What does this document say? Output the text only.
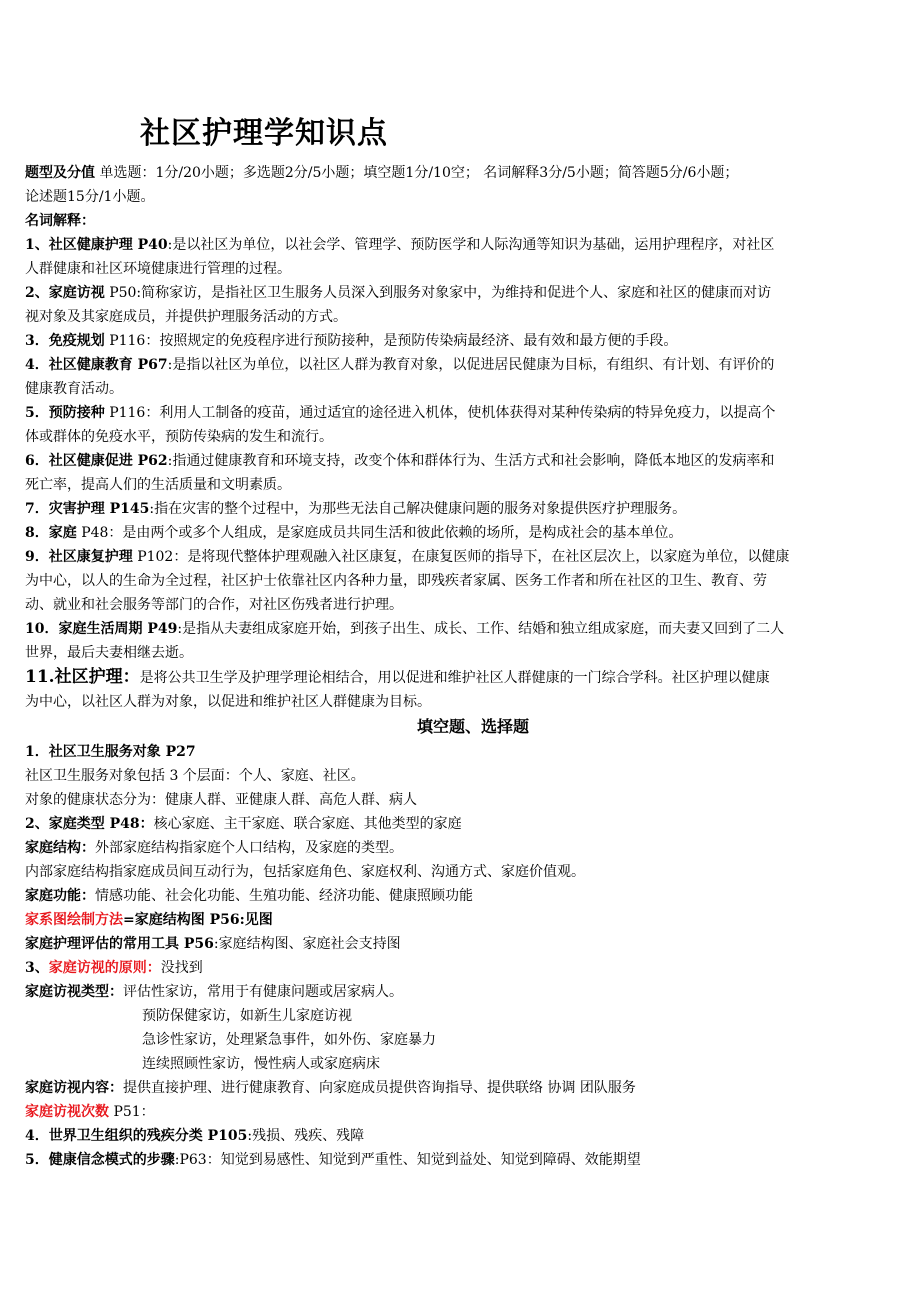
社区护理学知识点
题型及分值 单选题：1分/20小题；多选题2分/5小题；填空题1分/10空； 名词解释3分/5小题；简答题5分/6小题；
论述题15分/1小题。
名词解释：
1、社区健康护理 P40:是以社区为单位，以社会学、管理学、预防医学和人际沟通等知识为基础，运用护理程序，对社区
人群健康和社区环境健康进行管理的过程。
2、家庭访视 P50:简称家访，是指社区卫生服务人员深入到服务对象家中，为维持和促进个人、家庭和社区的健康而对访
视对象及其家庭成员，并提供护理服务活动的方式。
3．免疫规划 P116：按照规定的免疫程序进行预防接种，是预防传染病最经济、最有效和最方便的手段。
4．社区健康教育 P67:是指以社区为单位，以社区人群为教育对象，以促进居民健康为目标，有组织、有计划、有评价的
健康教育活动。
5．预防接种 P116：利用人工制备的疫苗，通过适宜的途径进入机体，使机体获得对某种传染病的特异免疫力，以提高个
体或群体的免疫水平，预防传染病的发生和流行。
6．社区健康促进 P62:指通过健康教育和环境支持，改变个体和群体行为、生活方式和社会影响，降低本地区的发病率和
死亡率，提高人们的生活质量和文明素质。
7．灾害护理 P145:指在灾害的整个过程中，为那些无法自己解决健康问题的服务对象提供医疗护理服务。
8．家庭 P48：是由两个或多个人组成，是家庭成员共同生活和彼此依赖的场所，是构成社会的基本单位。
9．社区康复护理 P102：是将现代整体护理观融入社区康复，在康复医师的指导下，在社区层次上，以家庭为单位，以健康
为中心，以人的生命为全过程，社区护士依靠社区内各种力量，即残疾者家属、医务工作者和所在社区的卫生、教育、劳
动、就业和社会服务等部门的合作，对社区伤残者进行护理。
10．家庭生活周期 P49:是指从夫妻组成家庭开始，到孩子出生、成长、工作、结婚和独立组成家庭，而夫妻又回到了二人
世界，最后夫妻相继去逝。
11.社区护理：是将公共卫生学及护理学理论相结合，用以促进和维护社区人群健康的一门综合学科。社区护理以健康
为中心，以社区人群为对象，以促进和维护社区人群健康为目标。
填空题、选择题
1．社区卫生服务对象 P27
社区卫生服务对象包括 3 个层面：个人、家庭、社区。
对象的健康状态分为：健康人群、亚健康人群、高危人群、病人
2、家庭类型 P48：核心家庭、主干家庭、联合家庭、其他类型的家庭
家庭结构：外部家庭结构指家庭个人口结构，及家庭的类型。
内部家庭结构指家庭成员间互动行为，包括家庭角色、家庭权利、沟通方式、家庭价值观。
家庭功能：情感功能、社会化功能、生殖功能、经济功能、健康照顾功能
家系图绘制方法=家庭结构图 P56:见图
家庭护理评估的常用工具 P56:家庭结构图、家庭社会支持图
3、家庭访视的原则：没找到
家庭访视类型：评估性家访，常用于有健康问题或居家病人。
预防保健家访，如新生儿家庭访视
急诊性家访，处理紧急事件，如外伤、家庭暴力
连续照顾性家访，慢性病人或家庭病床
家庭访视内容：提供直接护理、进行健康教育、向家庭成员提供咨询指导、提供联络 协调 团队服务
家庭访视次数 P51：
4．世界卫生组织的残疾分类 P105:残损、残疾、残障
5．健康信念模式的步骤:P63：知觉到易感性、知觉到严重性、知觉到益处、知觉到障碍、效能期望
